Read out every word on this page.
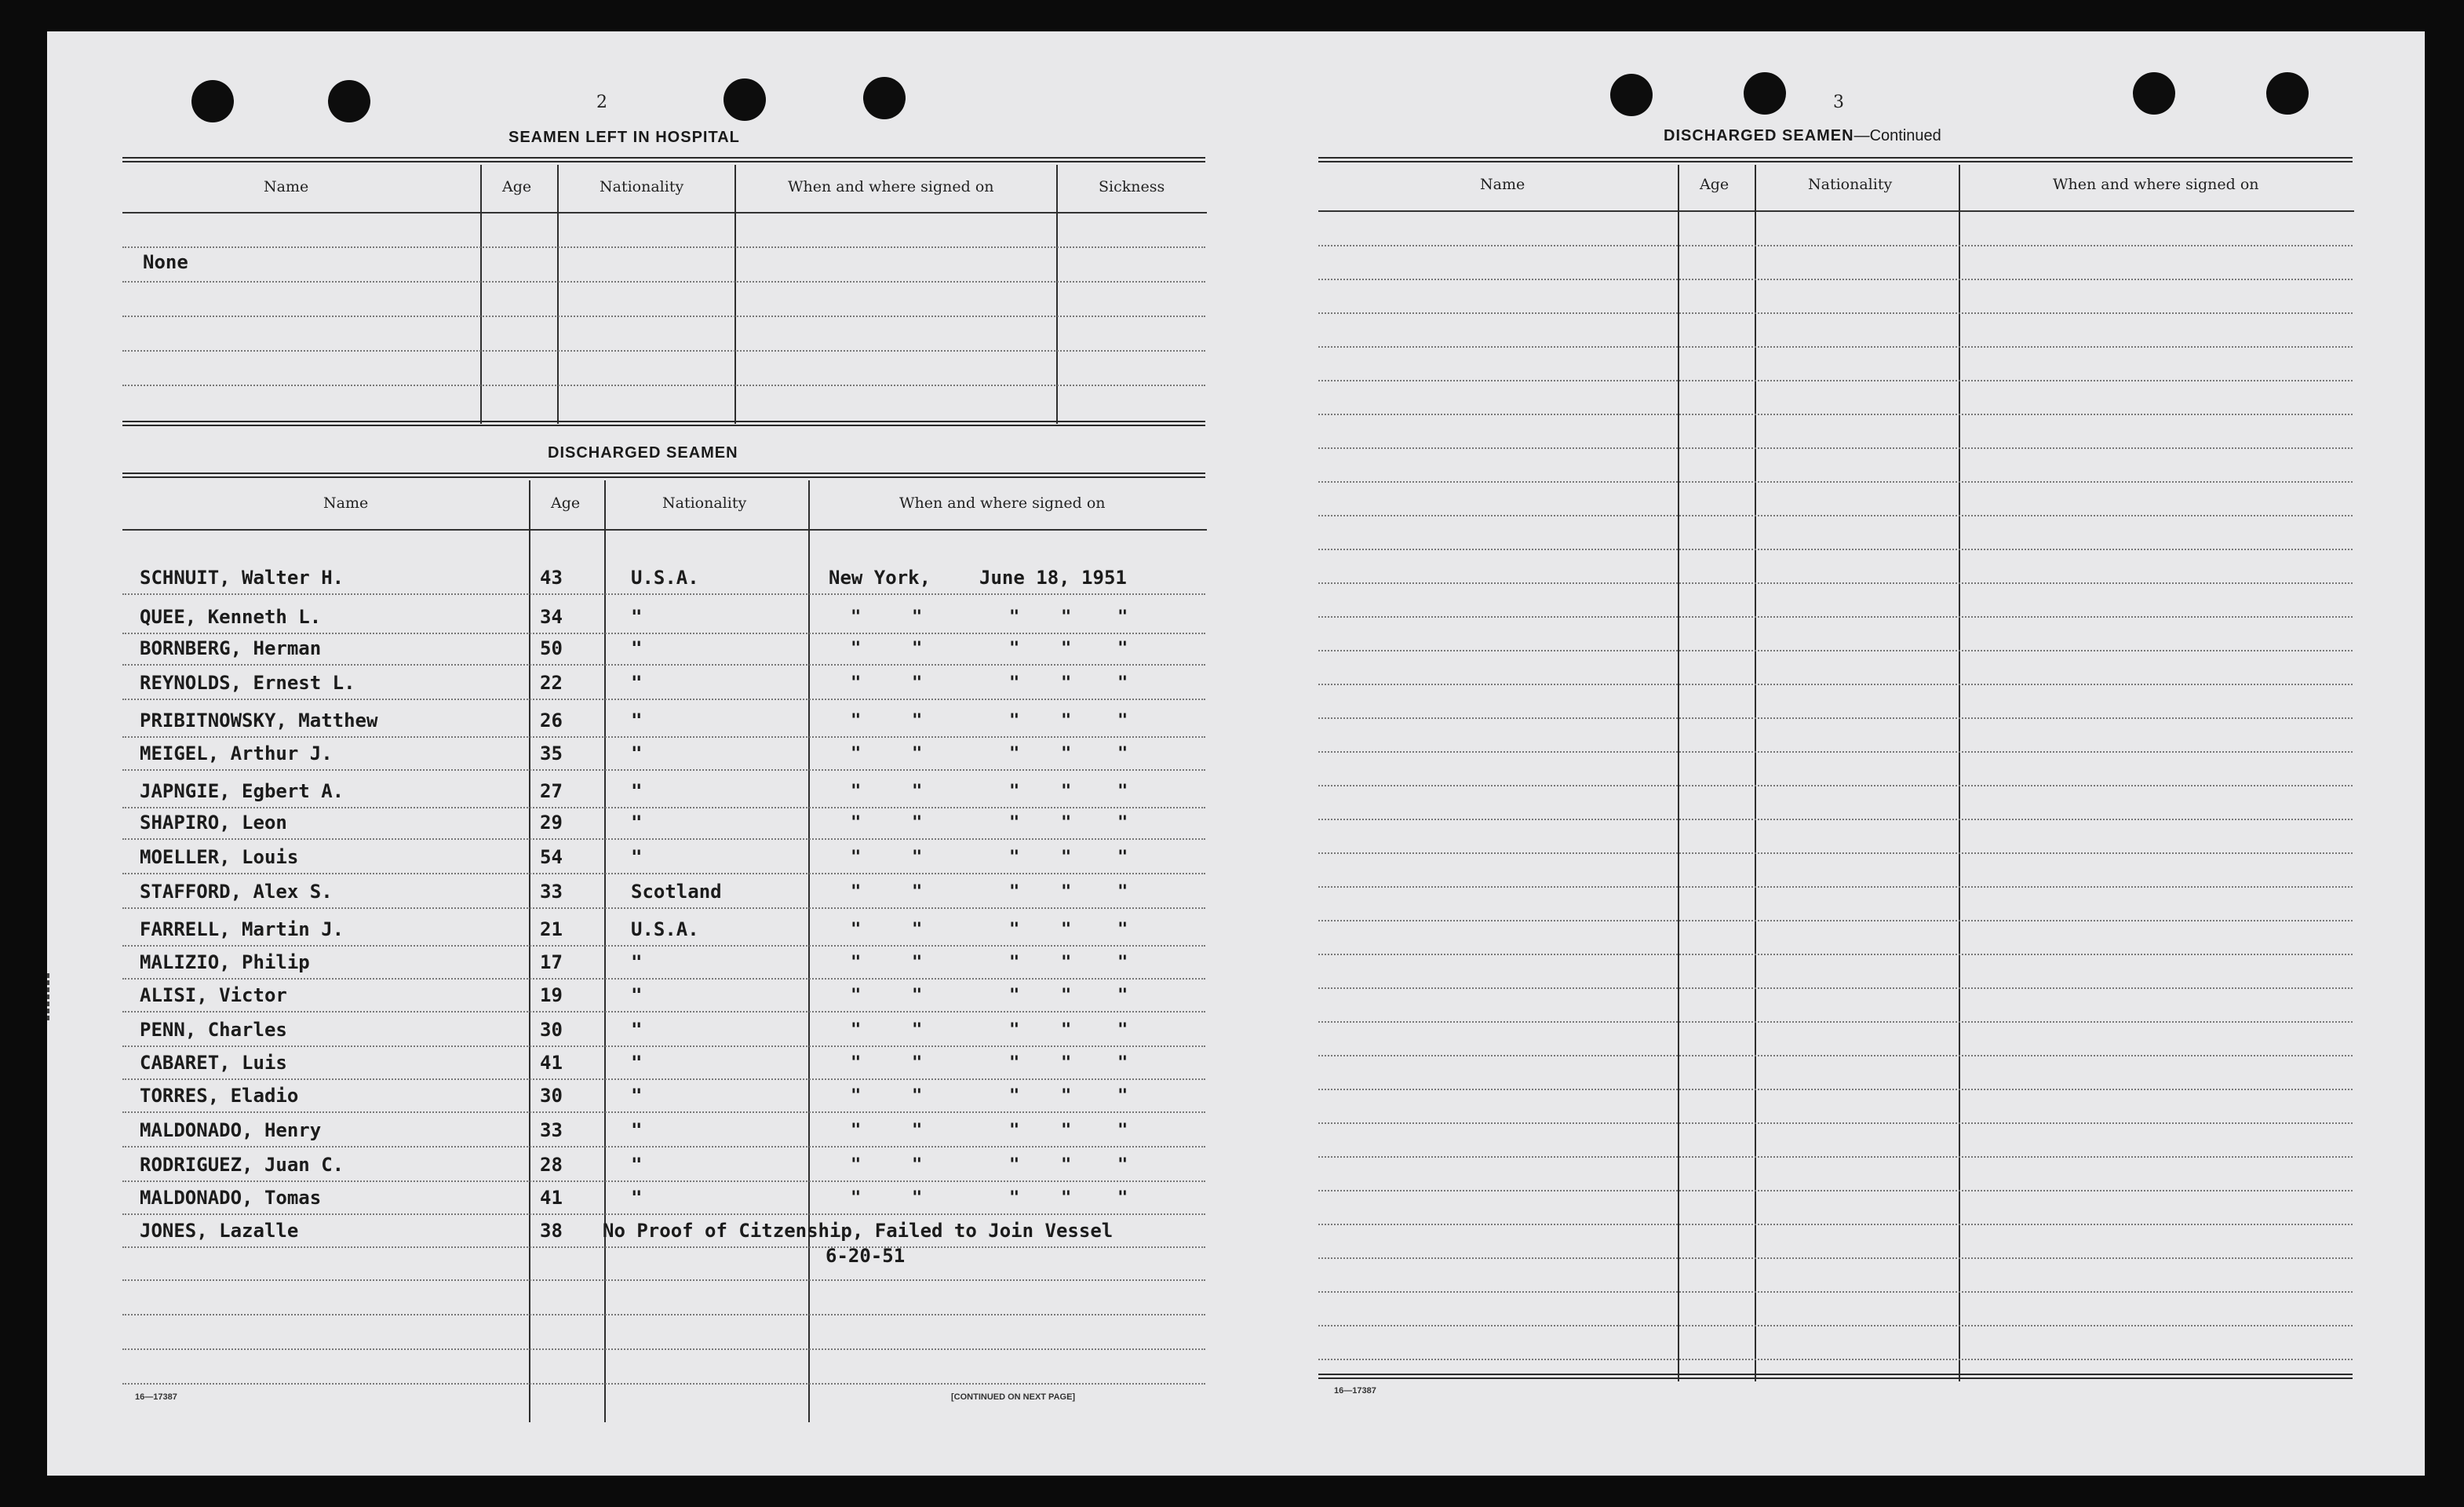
2
SEAMEN LEFT IN HOSPITAL
Name	Age	Nationality	When and where signed on	Sickness
None
DISCHARGED SEAMEN
Name	Age	Nationality	When and where signed on
SCHNUIT, Walter H.	43	U.S.A.	New York,	June 18, 1951
QUEE, Kenneth L.	34	"	"	"	" "	"
BORNBERG, Herman	50	"	"	"	" "	"
REYNOLDS, Ernest L.	22	"	"	"	" "	"
PRIBITNOWSKY, Matthew	26	"	"	"	" "	"
MEIGEL, Arthur J.	35	"	"	"	" "	"
JAPNGIE, Egbert A.	27	"	"	"	" "	"
SHAPIRO, Leon	29	"	"	"	" "	"
MOELLER, Louis	54	"	"	"	" "	"
STAFFORD, Alex S.	33	Scotland	"	"	" "	"
FARRELL, Martin J.	21	U.S.A.	"	"	" "	"
MALIZIO, Philip	17	"	"	"	" "	"
ALISI, Victor	19	"	"	"	" "	"
PENN, Charles	30	"	"	"	" "	"
CABARET, Luis	41	"	"	"	" "	"
TORRES, Eladio	30	"	"	"	" "	"
MALDONADO, Henry	33	"	"	"	" "	"
RODRIGUEZ, Juan C.	28	"	"	"	" "	"
MALDONADO, Tomas	41	"	"	"	" "	"
JONES, Lazalle	38 No Proof of Citzenship, Failed to Join Vessel
6-20-51
16—17387	[CONTINUED ON NEXT PAGE]
3
DISCHARGED SEAMEN—Continued
Name	Age	Nationality	When and where signed on
16—17387
